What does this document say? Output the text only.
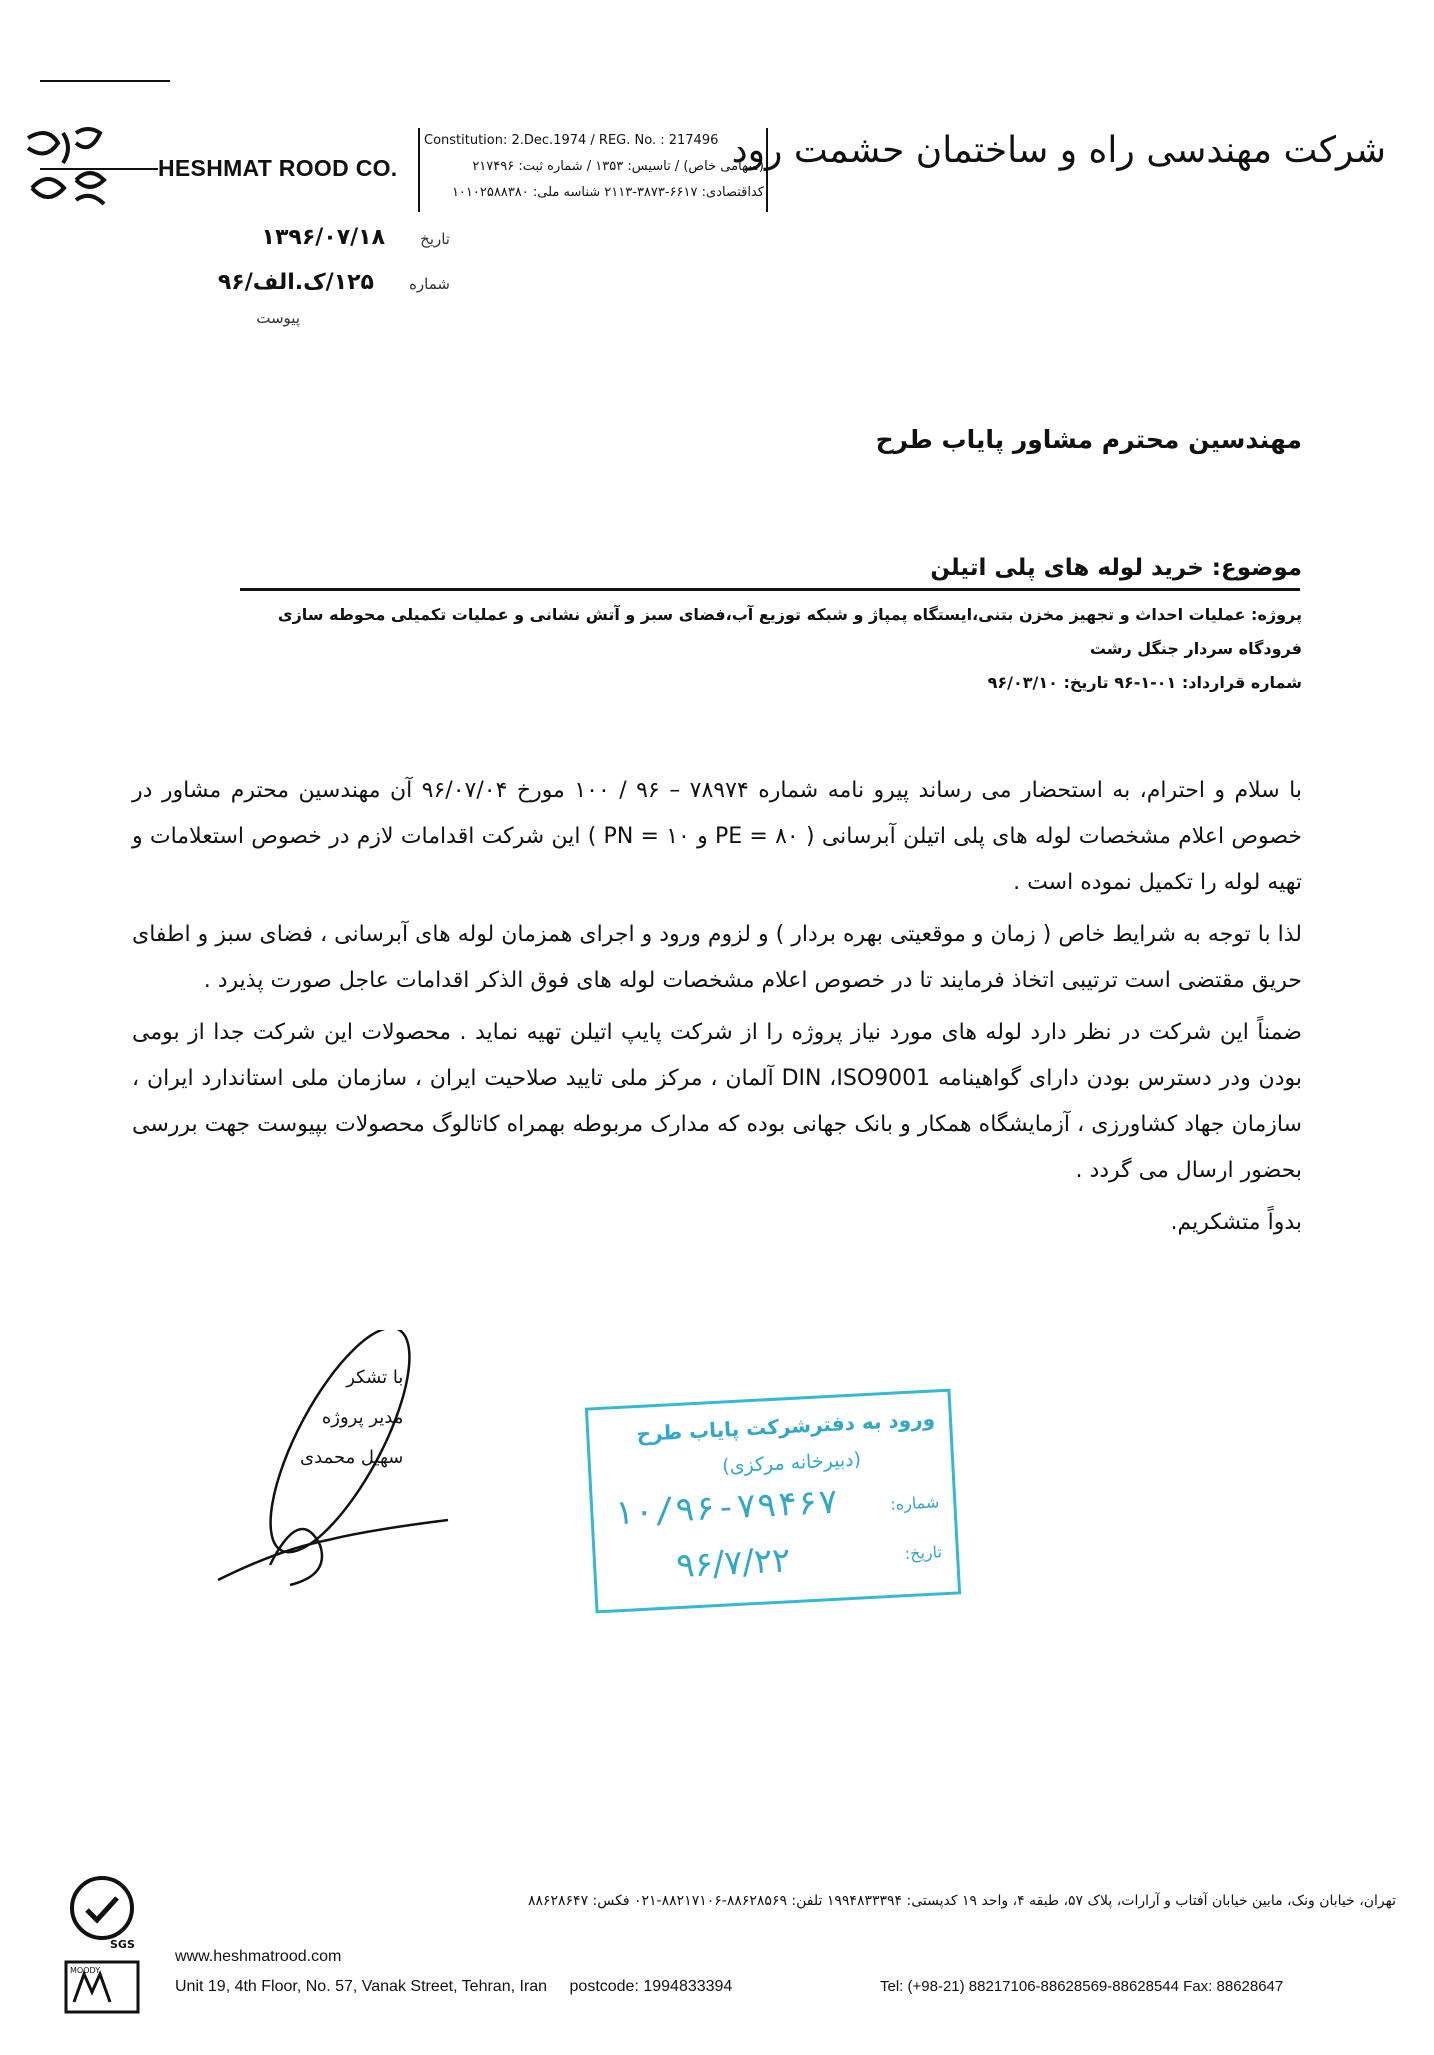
HESHMAT ROOD CO.
Constitution: 2.Dec.1974 / REG. No. : 217496
(سهامی خاص) / تاسیس: ۱۳۵۳ / شماره ثبت: ۲۱۷۴۹۶
کداقتصادی: ۶۶۱۷-۳۸۷۳-۲۱۱۳ شناسه ملی: ۱۰۱۰۲۵۸۸۳۸۰
شرکت مهندسی راه و ساختمان حشمت رود
تاریخ ۱۳۹۶/۰۷/۱۸
شماره ۱۲۵/ک.الف/۹۶
پیوست
مهندسین محترم مشاور پایاب طرح
موضوع: خرید لوله های پلی اتیلن
پروژه: عملیات احداث و تجهیز مخزن بتنی،ایستگاه پمپاژ و شبکه توزیع آب،فضای سبز و آتش نشانی و عملیات تکمیلی محوطه سازی
فرودگاه سردار جنگل رشت
شماره قرارداد: ۰۱-۱-۹۶ تاریخ: ۹۶/۰۳/۱۰

با سلام و احترام، به استحضار می رساند پیرو نامه شماره ۷۸۹۷۴ – ۹۶ / ۱۰۰ مورخ ۹۶/۰۷/۰۴ آن مهندسین محترم مشاور در خصوص اعلام مشخصات لوله های پلی اتیلن آبرسانی ( ۸۰ = PE و ۱۰ = PN ) این شرکت اقدامات لازم در خصوص استعلامات و تهیه لوله را تکمیل نموده است .

لذا با توجه به شرایط خاص ( زمان و موقعیتی بهره بردار ) و لزوم ورود و اجرای همزمان لوله های آبرسانی ، فضای سبز و اطفای حریق مقتضی است ترتیبی اتخاذ فرمایند تا در خصوص اعلام مشخصات لوله های فوق الذکر اقدامات عاجل صورت پذیرد .

ضمناً این شرکت در نظر دارد لوله های مورد نیاز پروژه را از شرکت پایپ اتیلن تهیه نماید . محصولات این شرکت جدا از بومی بودن ودر دسترس بودن دارای گواهینامه DIN ،ISO9001 آلمان ، مرکز ملی تایید صلاحیت ایران ، سازمان ملی استاندارد ایران ، سازمان جهاد کشاورزی ، آزمایشگاه همکار و بانک جهانی بوده که مدارک مربوطه بهمراه کاتالوگ محصولات بپیوست جهت بررسی بحضور ارسال می گردد .

بدواً متشکریم.

با تشکر
مدیر پروژه
سهیل محمدی
ورود به دفترشرکت پایاب طرح
(دبیرخانه مرکزی)
شماره:
۱۰/۹۶-۷۹۴۶۷
تاریخ:
۹۶/۷/۲۲
SGS
MOODY
تهران، خیابان ونک، مابین خیابان آفتاب و آرارات، پلاک ۵۷، طبقه ۴، واحد ۱۹ کدپستی: ۱۹۹۴۸۳۳۳۹۴ تلفن: ۸۸۶۲۸۵۶۹-۸۸۲۱۷۱۰۶-۰۲۱ فکس: ۸۸۶۲۸۶۴۷
www.heshmatrood.com
Unit 19, 4th Floor, No. 57, Vanak Street, Tehran, Iran postcode: 1994833394	Tel: (+98-21) 88217106-88628569-88628544 Fax: 88628647
